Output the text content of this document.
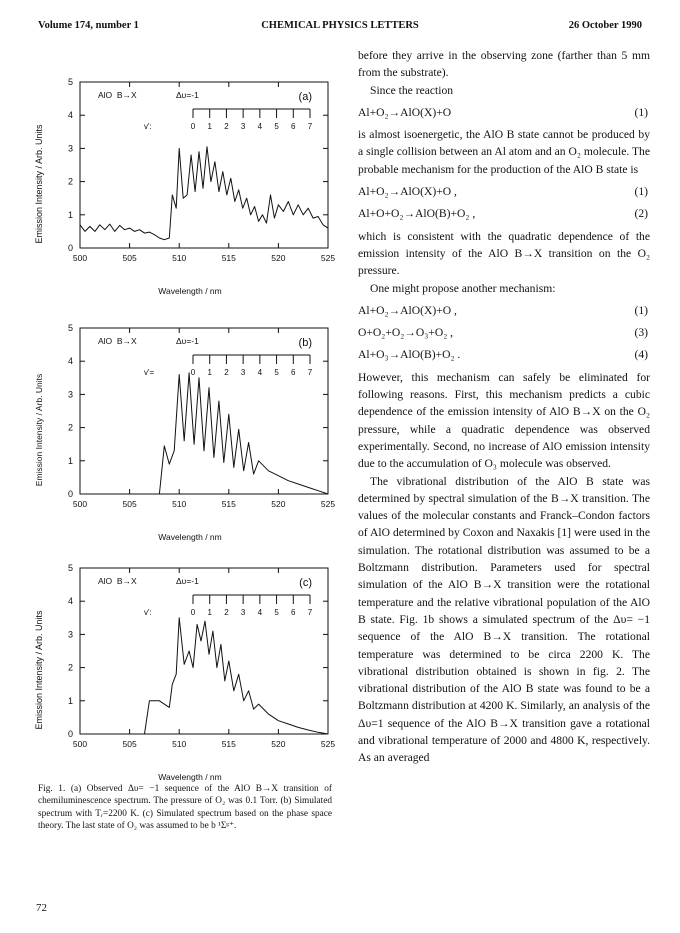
Volume 174, number 1	CHEMICAL PHYSICS LETTERS	26 October 1990
Emission Intensity / Arb. Units
Wavelength / nm
(a)
AlO  B→X	Δυ=-1
v':	0 1 2 3 4 5 6 7
500	505	510	515	520	525
0
1
2
3
4
5
Emission Intensity / Arb. Units
Wavelength / nm
(b)
AlO  B→X	Δυ=-1
v'=	0 1 2 3 4 5 6 7
500	505	510	515	520	525
0
1
2
3
4
5
Emission Intensity / Arb. Units
Wavelength / nm
(c)
AlO  B→X	Δυ=-1
v':	0 1 2 3 4 5 6 7
500	505	510	515	520	525
0
1
2
3
4
5
Fig. 1. (a) Observed Δυ= −1 sequence of the AlO B→X transition of chemiluminescence spectrum. The pressure of O₂ was 0.1 Torr. (b) Simulated spectrum with Tᵣ=2200 K. (c) Simulated spectrum based on the phase space theory. The last state of O₂ was assumed to be b ¹Σᵍ⁺.

before they arrive in the observing zone (farther than 5 mm from the substrate).

Since the reaction

Al+O₂→AlO(X)+O	(1)

is almost isoenergetic, the AlO B state cannot be produced by a single collision between an Al atom and an O₂ molecule. The probable mechanism for the production of the AlO B state is

Al+O₂→AlO(X)+O ,	(1)
Al+O+O₂→AlO(B)+O₂ ,	(2)

which is consistent with the quadratic dependence of the emission intensity of the AlO B→X transition on the O₂ pressure.

One might propose another mechanism:

Al+O₂→AlO(X)+O ,	(1)
O+O₂+O₂→O₃+O₂ ,	(3)
Al+O₃→AlO(B)+O₂ .	(4)

However, this mechanism can safely be eliminated for following reasons. First, this mechanism predicts a cubic dependence of the emission intensity of AlO B→X on the O₂ pressure, while a quadratic dependence was observed experimentally. Second, no increase of AlO emission intensity due to the accumulation of O₃ molecule was observed.

The vibrational distribution of the AlO B state was determined by spectral simulation of the B→X transition. The values of the molecular constants and Franck–Condon factors of AlO determined by Coxon and Naxakis [1] were used in the simulation. The rotational distribution was assumed to be a Boltzmann distribution. Parameters used for spectral simulation of the AlO B→X transition were the rotational temperature and the relative vibrational population of the AlO B state. Fig. 1b shows a simulated spectrum of the Δυ= −1 sequence of the AlO B→X transition. The rotational temperature was determined to be circa 2200 K. The vibrational distribution obtained is shown in fig. 2. The vibrational distribution of the AlO B state was found to be a Boltzmann distribution at 4200 K. Similarly, an analysis of the Δυ=1 sequence of the AlO B→X transition gave a rotational and vibrational temperature of 2000 and 4800 K, respectively. As an averaged

72
